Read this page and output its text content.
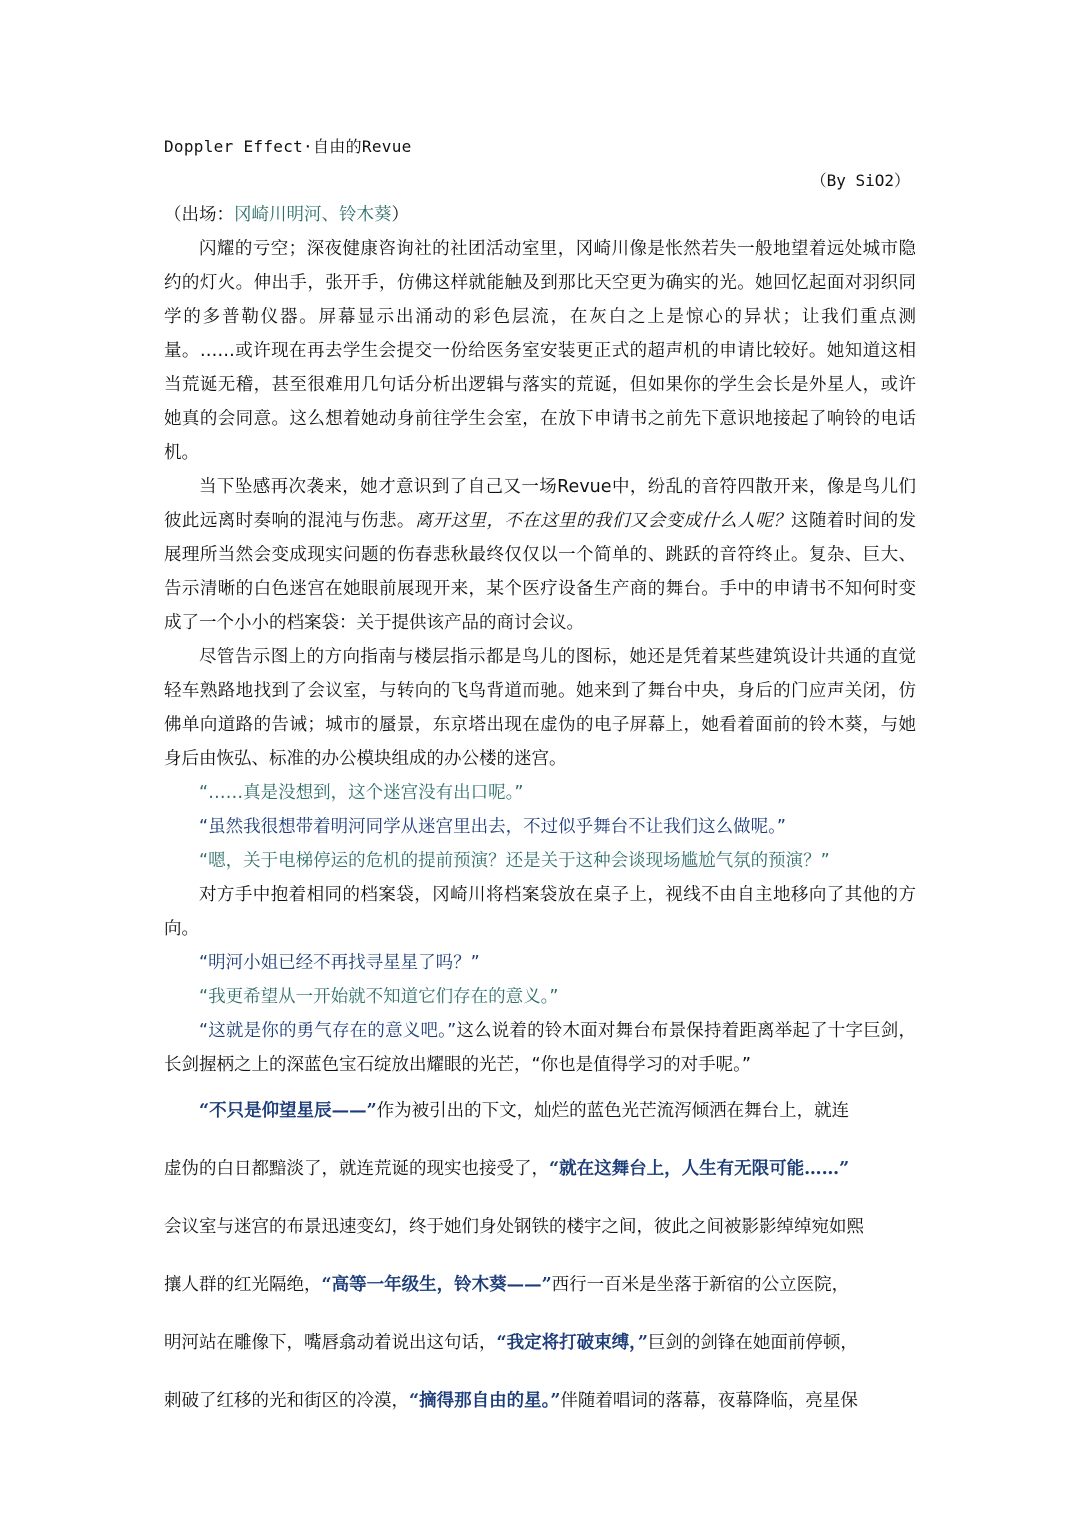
Doppler Effect·自由的Revue
（By SiO2）
（出场：冈崎川明河、铃木葵）

闪耀的亏空；深夜健康咨询社的社团活动室里，冈崎川像是怅然若失一般地望着远处城市隐约的灯火。伸出手，张开手，仿佛这样就能触及到那比天空更为确实的光。她回忆起面对羽织同学的多普勒仪器。屏幕显示出涌动的彩色层流，在灰白之上是惊心的异状；让我们重点测量。……或许现在再去学生会提交一份给医务室安装更正式的超声机的申请比较好。她知道这相当荒诞无稽，甚至很难用几句话分析出逻辑与落实的荒诞，但如果你的学生会长是外星人，或许她真的会同意。这么想着她动身前往学生会室，在放下申请书之前先下意识地接起了响铃的电话机。

当下坠感再次袭来，她才意识到了自己又一场Revue中，纷乱的音符四散开来，像是鸟儿们彼此远离时奏响的混沌与伤悲。离开这里，不在这里的我们又会变成什么人呢？这随着时间的发展理所当然会变成现实问题的伤春悲秋最终仅仅以一个简单的、跳跃的音符终止。复杂、巨大、告示清晰的白色迷宫在她眼前展现开来，某个医疗设备生产商的舞台。手中的申请书不知何时变成了一个小小的档案袋：关于提供该产品的商讨会议。

尽管告示图上的方向指南与楼层指示都是鸟儿的图标，她还是凭着某些建筑设计共通的直觉轻车熟路地找到了会议室，与转向的飞鸟背道而驰。她来到了舞台中央，身后的门应声关闭，仿佛单向道路的告诫；城市的蜃景，东京塔出现在虚伪的电子屏幕上，她看着面前的铃木葵，与她身后由恢弘、标准的办公模块组成的办公楼的迷宫。

“……真是没想到，这个迷宫没有出口呢。”
“虽然我很想带着明河同学从迷宫里出去，不过似乎舞台不让我们这么做呢。”
“嗯，关于电梯停运的危机的提前预演？还是关于这种会谈现场尴尬气氛的预演？”

对方手中抱着相同的档案袋，冈崎川将档案袋放在桌子上，视线不由自主地移向了其他的方向。

“明河小姐已经不再找寻星星了吗？”
“我更希望从一开始就不知道它们存在的意义。”

“这就是你的勇气存在的意义吧。”这么说着的铃木面对舞台布景保持着距离举起了十字巨剑，长剑握柄之上的深蓝色宝石绽放出耀眼的光芒，“你也是值得学习的对手呢。”

“不只是仰望星辰——”作为被引出的下文，灿烂的蓝色光芒流泻倾洒在舞台上，就连
虚伪的白日都黯淡了，就连荒诞的现实也接受了，“就在这舞台上，人生有无限可能……”
会议室与迷宫的布景迅速变幻，终于她们身处钢铁的楼宇之间，彼此之间被影影绰绰宛如熙
攘人群的红光隔绝，“高等一年级生，铃木葵——”西行一百米是坐落于新宿的公立医院，
明河站在雕像下，嘴唇翕动着说出这句话，“我定将打破束缚，”巨剑的剑锋在她面前停顿，
刺破了红移的光和街区的冷漠，“摘得那自由的星。”伴随着唱词的落幕，夜幕降临，亮星保
